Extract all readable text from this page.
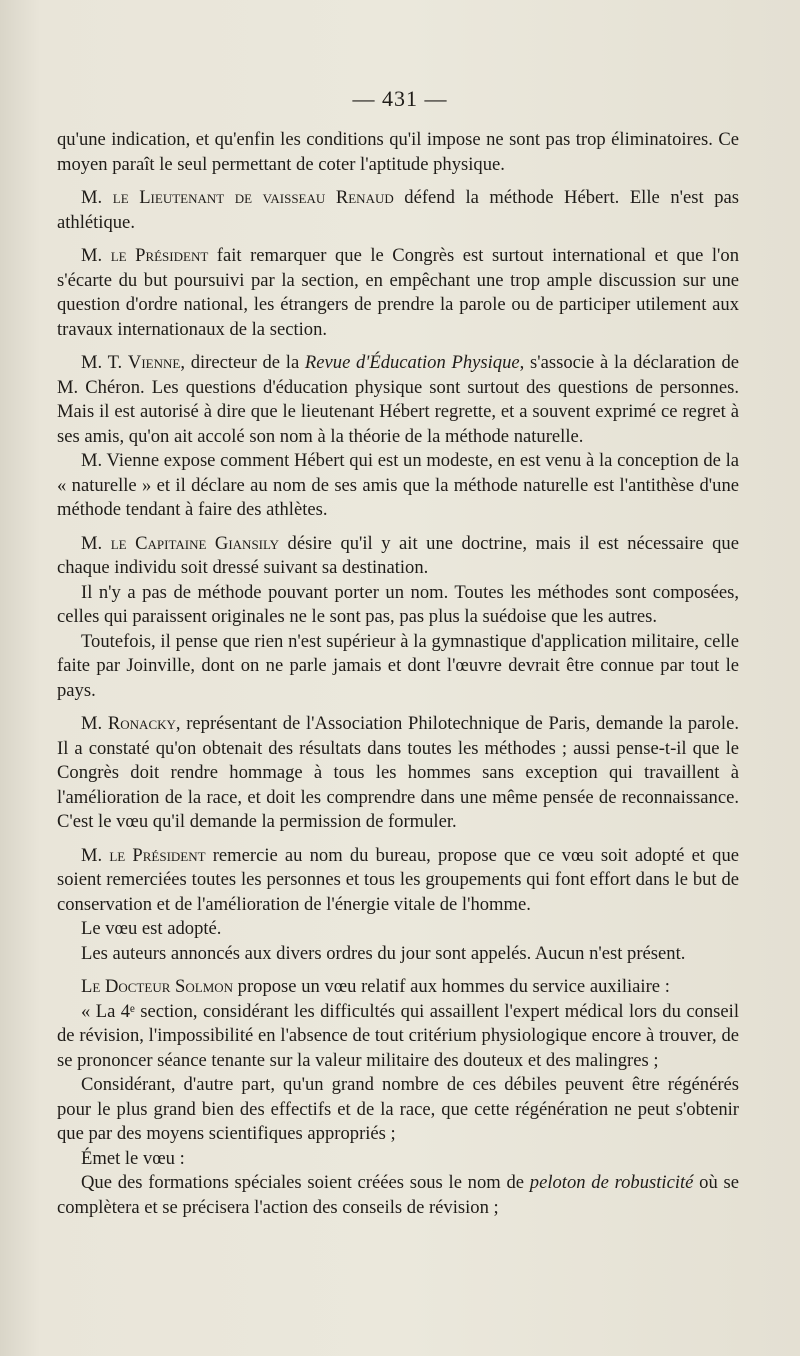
— 431 —

qu'une indication, et qu'enfin les conditions qu'il impose ne sont pas trop éliminatoires. Ce moyen paraît le seul permettant de coter l'aptitude physique.

M. le Lieutenant de vaisseau Renaud défend la méthode Hébert. Elle n'est pas athlétique.

M. le Président fait remarquer que le Congrès est surtout international et que l'on s'écarte du but poursuivi par la section, en empêchant une trop ample discussion sur une question d'ordre national, les étrangers de prendre la parole ou de participer utilement aux travaux internationaux de la section.

M. T. Vienne, directeur de la Revue d'Éducation Physique, s'associe à la déclaration de M. Chéron. Les questions d'éducation physique sont surtout des questions de personnes. Mais il est autorisé à dire que le lieutenant Hébert regrette, et a souvent exprimé ce regret à ses amis, qu'on ait accolé son nom à la théorie de la méthode naturelle.

M. Vienne expose comment Hébert qui est un modeste, en est venu à la conception de la « naturelle » et il déclare au nom de ses amis que la méthode naturelle est l'antithèse d'une méthode tendant à faire des athlètes.

M. le Capitaine Giansily désire qu'il y ait une doctrine, mais il est nécessaire que chaque individu soit dressé suivant sa destination.

Il n'y a pas de méthode pouvant porter un nom. Toutes les méthodes sont composées, celles qui paraissent originales ne le sont pas, pas plus la suédoise que les autres.

Toutefois, il pense que rien n'est supérieur à la gymnastique d'application militaire, celle faite par Joinville, dont on ne parle jamais et dont l'œuvre devrait être connue par tout le pays.

M. Ronacky, représentant de l'Association Philotechnique de Paris, demande la parole. Il a constaté qu'on obtenait des résultats dans toutes les méthodes ; aussi pense-t-il que le Congrès doit rendre hommage à tous les hommes sans exception qui travaillent à l'amélioration de la race, et doit les comprendre dans une même pensée de reconnaissance. C'est le vœu qu'il demande la permission de formuler.

M. le Président remercie au nom du bureau, propose que ce vœu soit adopté et que soient remerciées toutes les personnes et tous les groupements qui font effort dans le but de conservation et de l'amélioration de l'énergie vitale de l'homme.

Le vœu est adopté.

Les auteurs annoncés aux divers ordres du jour sont appelés. Aucun n'est présent.

Le Docteur Solmon propose un vœu relatif aux hommes du service auxiliaire :

« La 4ᵉ section, considérant les difficultés qui assaillent l'expert médical lors du conseil de révision, l'impossibilité en l'absence de tout critérium physiologique encore à trouver, de se prononcer séance tenante sur la valeur militaire des douteux et des malingres ;

Considérant, d'autre part, qu'un grand nombre de ces débiles peuvent être régénérés pour le plus grand bien des effectifs et de la race, que cette régénération ne peut s'obtenir que par des moyens scientifiques appropriés ;

Émet le vœu :

Que des formations spéciales soient créées sous le nom de peloton de robusticité où se complètera et se précisera l'action des conseils de révision ;
